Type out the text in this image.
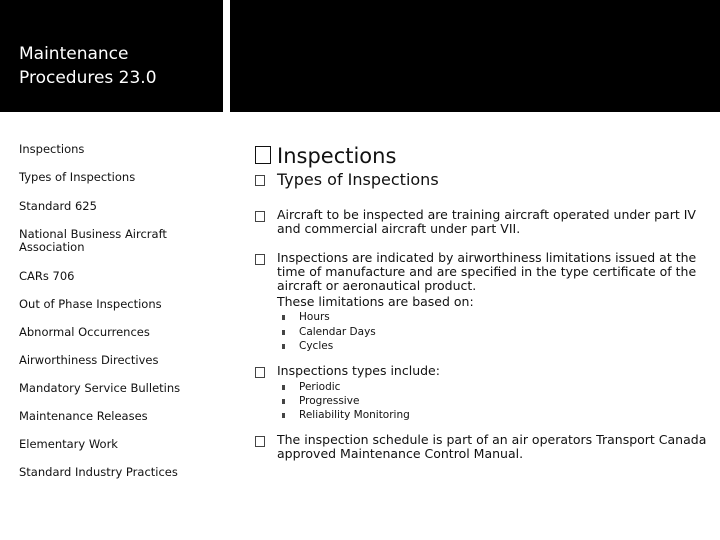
Maintenance Procedures 23.0
Inspections
Types of Inspections
Standard 625
National Business Aircraft Association
CARs 706
Out of Phase Inspections
Abnormal Occurrences
Airworthiness Directives
Mandatory Service Bulletins
Maintenance Releases
Elementary Work
Standard Industry Practices
Inspections
Types of Inspections
Aircraft to be inspected are training aircraft operated under part IV and commercial aircraft under part VII.
Inspections are indicated by airworthiness limitations issued at the time of manufacture and are specified in the type certificate of the aircraft or aeronautical product.
These limitations are based on:
Hours
Calendar Days
Cycles
Inspections types include:
Periodic
Progressive
Reliability Monitoring
The inspection schedule is part of an air operators Transport Canada approved Maintenance Control Manual.
